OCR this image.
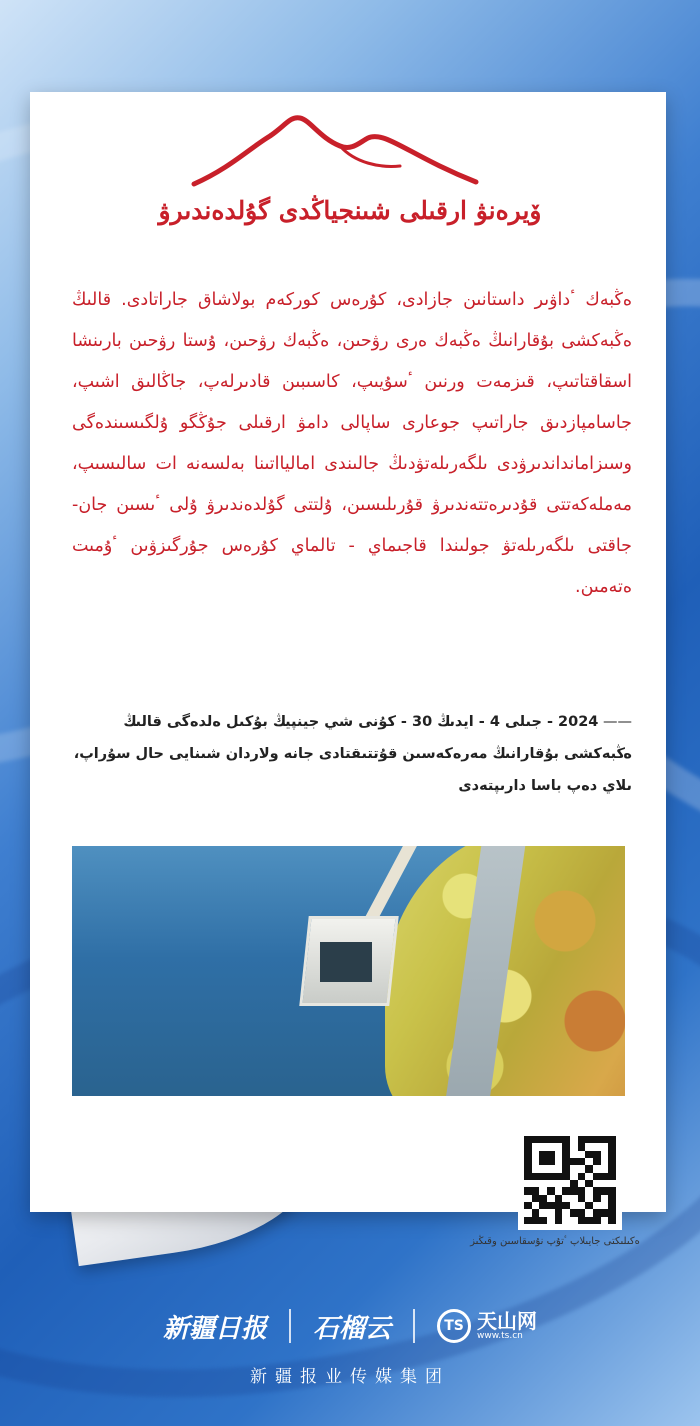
ۆيرەنۋ ارقىلى شىنجياڭدى گۇلدەندىرۋ
ەڭبەك ٴداۋىر داستانىن جازادى، كۇرەس كوركەم بولاشاق جاراتادى. قالىڭ ەڭبەكشى بۇقارانىڭ ەڭبەك ەرى رۋحىن، ەڭبەك رۋحىن، ۇستا رۋحىن بارىنشا اسقاقتاتىپ، قىزمەت ورنىن ٴسۇيىپ، كاسىبىن قادىرلەپ، جاڭالىق اشىپ، جاسامپازدىق جاراتىپ جوعارى ساپالى دامۋ ارقىلى جۇڭگو ۇلگىسىندەگى وسىزامانداندىرۋدى ىلگەرىلەتۋدىڭ جالىندى اماليااتىنا بەلسەنە ات سالىسىپ، مەملەكەتتى قۇدىرەتتەندىرۋ قۇرىلىسىن، ۇلتتى گۇلدەندىرۋ ۇلى ٴىسىن جان-جاقتى ىلگەرىلەتۋ جولىندا قاجىماي - تالماي كۇرەس جۇرگىزۋىن ٴۇمىت ەتەمىن.
—— 2024 - جىلى 4 - ايدىڭ 30 - كۇنى شي جينپيڭ بۇكىل ەلدەگى قالىڭ ەڭبەكشى بۇقارانىڭ مەرەكەسىن قۇتتىقتادى جانە ولاردان شىنايى حال سۇراپ، ىلاي دەپ باسا دارىپتەدى
ەكىلىكتى جايىلاپ ٴتۇپ نۇسقاسىن وقىڭىز
新疆日报 石榴云	TS 天山网
www.ts.cn
新疆报业传媒集团
